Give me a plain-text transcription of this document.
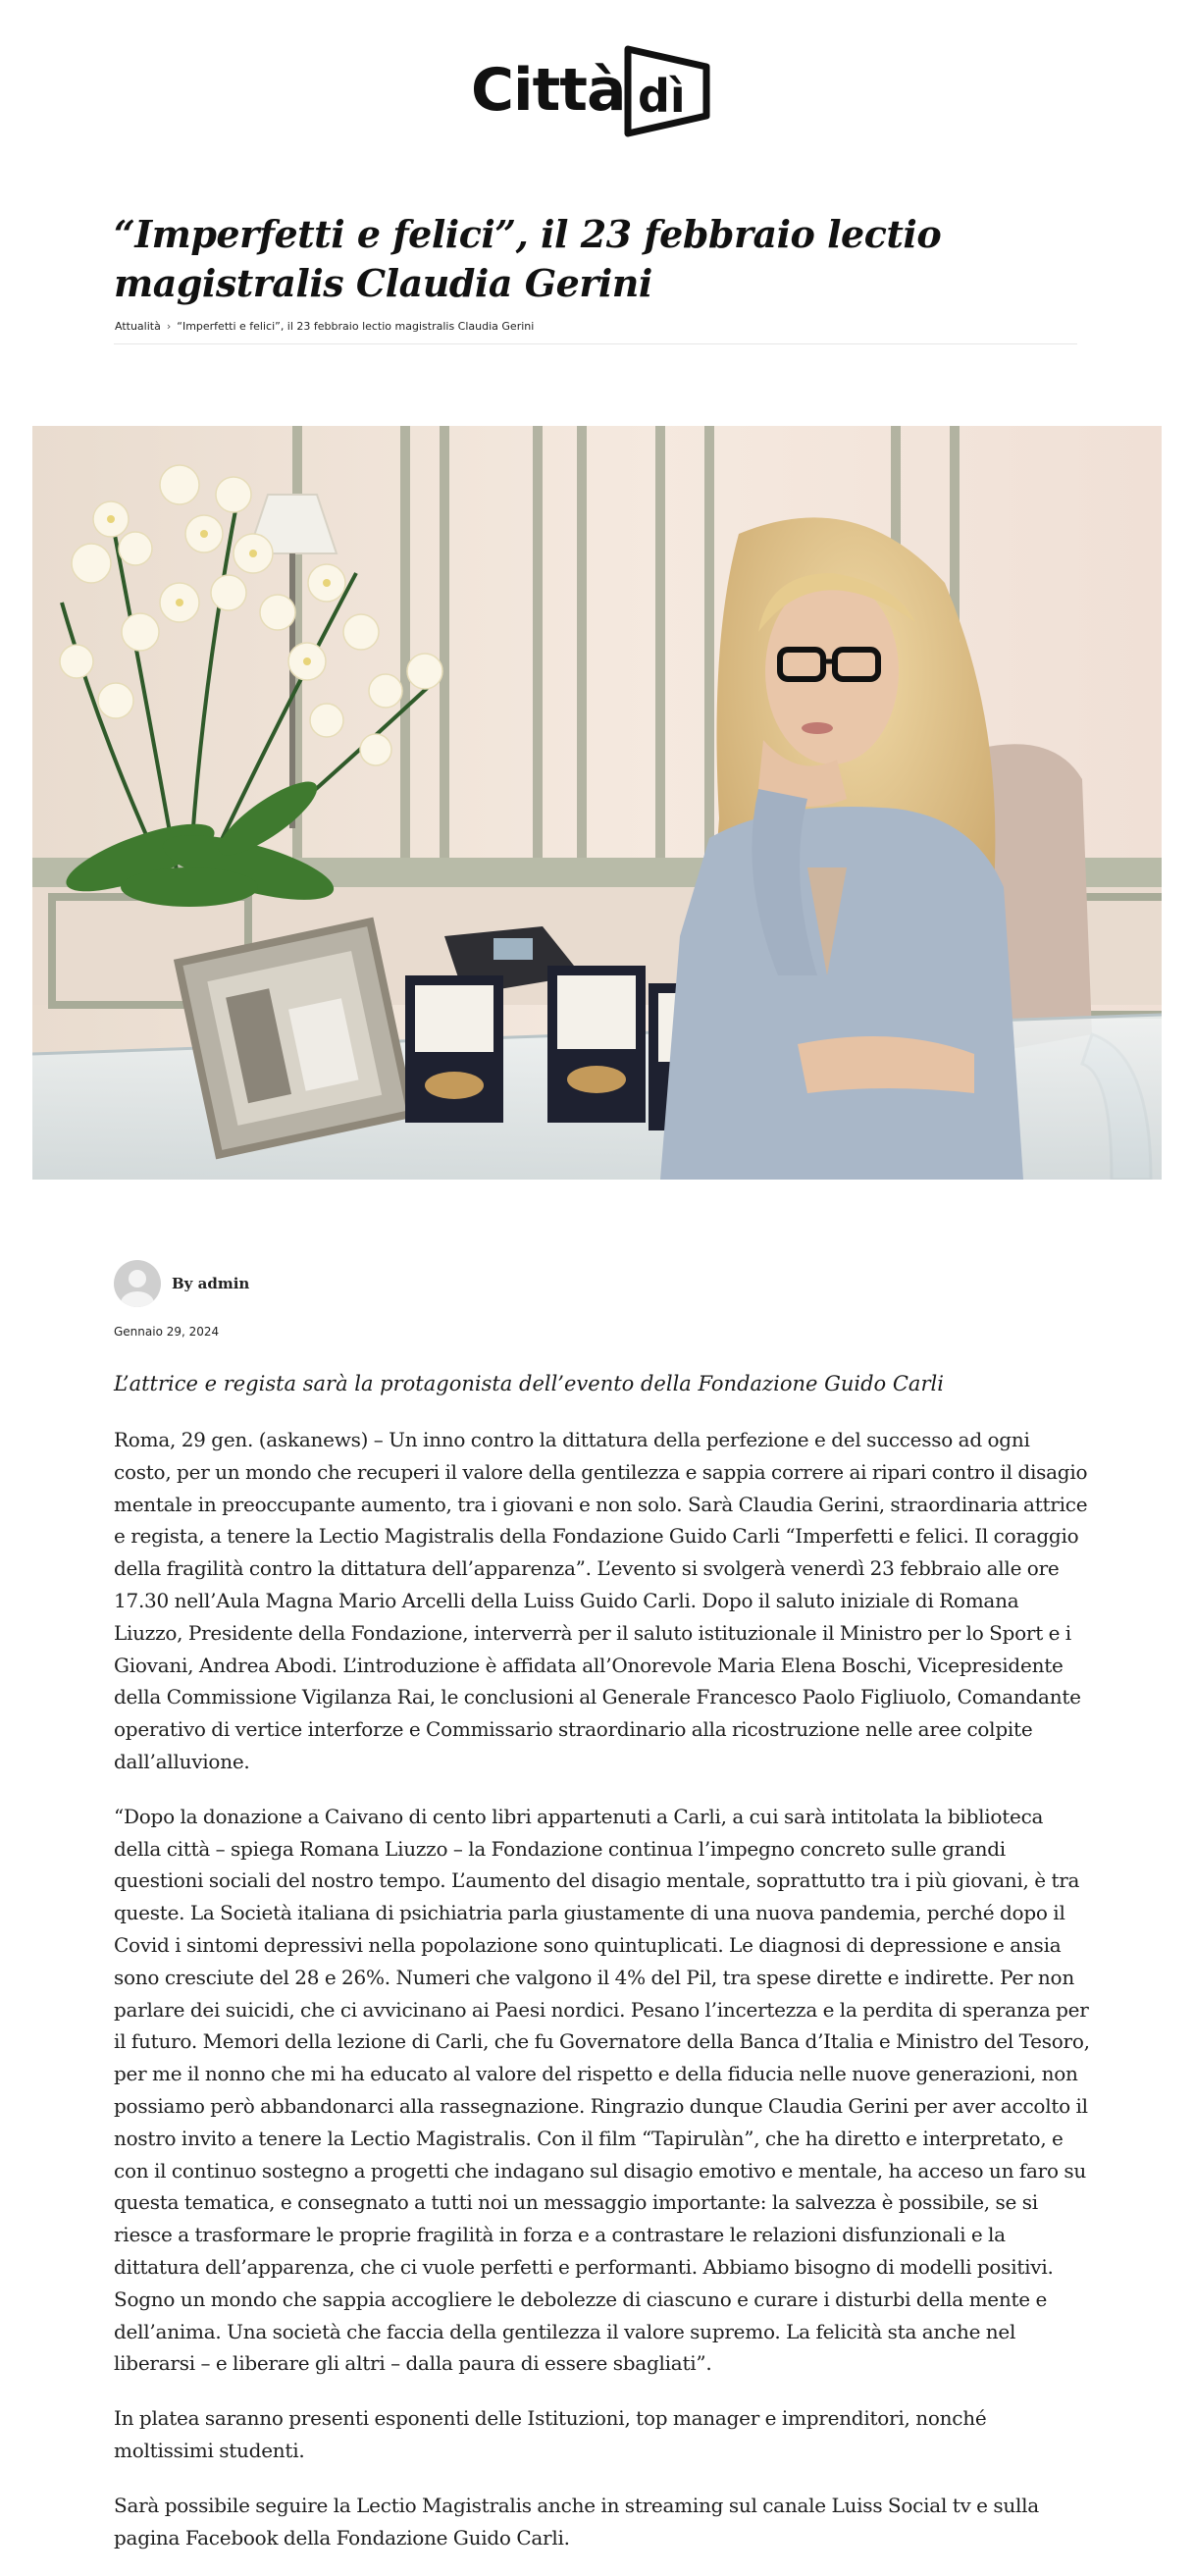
Città dì
“Imperfetti e felici”, il 23 febbraio lectio magistralis Claudia Gerini
Attualità › “Imperfetti e felici”, il 23 febbraio lectio magistralis Claudia Gerini
By admin
Gennaio 29, 2024

L’attrice e regista sarà la protagonista dell’evento della Fondazione Guido Carli

Roma, 29 gen. (askanews) – Un inno contro la dittatura della perfezione e del successo ad ogni costo, per un mondo che recuperi il valore della gentilezza e sappia correre ai ripari contro il disagio mentale in preoccupante aumento, tra i giovani e non solo. Sarà Claudia Gerini, straordinaria attrice e regista, a tenere la Lectio Magistralis della Fondazione Guido Carli “Imperfetti e felici. Il coraggio della fragilità contro la dittatura dell’apparenza”. L’evento si svolgerà venerdì 23 febbraio alle ore 17.30 nell’Aula Magna Mario Arcelli della Luiss Guido Carli. Dopo il saluto iniziale di Romana Liuzzo, Presidente della Fondazione, interverrà per il saluto istituzionale il Ministro per lo Sport e i Giovani, Andrea Abodi. L’introduzione è affidata all’Onorevole Maria Elena Boschi, Vicepresidente della Commissione Vigilanza Rai, le conclusioni al Generale Francesco Paolo Figliuolo, Comandante operativo di vertice interforze e Commissario straordinario alla ricostruzione nelle aree colpite dall’alluvione.

“Dopo la donazione a Caivano di cento libri appartenuti a Carli, a cui sarà intitolata la biblioteca della città – spiega Romana Liuzzo – la Fondazione continua l’impegno concreto sulle grandi questioni sociali del nostro tempo. L’aumento del disagio mentale, soprattutto tra i più giovani, è tra queste. La Società italiana di psichiatria parla giustamente di una nuova pandemia, perché dopo il Covid i sintomi depressivi nella popolazione sono quintuplicati. Le diagnosi di depressione e ansia sono cresciute del 28 e 26%. Numeri che valgono il 4% del Pil, tra spese dirette e indirette. Per non parlare dei suicidi, che ci avvicinano ai Paesi nordici. Pesano l’incertezza e la perdita di speranza per il futuro. Memori della lezione di Carli, che fu Governatore della Banca d’Italia e Ministro del Tesoro, per me il nonno che mi ha educato al valore del rispetto e della fiducia nelle nuove generazioni, non possiamo però abbandonarci alla rassegnazione. Ringrazio dunque Claudia Gerini per aver accolto il nostro invito a tenere la Lectio Magistralis. Con il film “Tapirulàn”, che ha diretto e interpretato, e con il continuo sostegno a progetti che indagano sul disagio emotivo e mentale, ha acceso un faro su questa tematica, e consegnato a tutti noi un messaggio importante: la salvezza è possibile, se si riesce a trasformare le proprie fragilità in forza e a contrastare le relazioni disfunzionali e la dittatura dell’apparenza, che ci vuole perfetti e performanti. Abbiamo bisogno di modelli positivi. Sogno un mondo che sappia accogliere le debolezze di ciascuno e curare i disturbi della mente e dell’anima. Una società che faccia della gentilezza il valore supremo. La felicità sta anche nel liberarsi – e liberare gli altri – dalla paura di essere sbagliati”.

In platea saranno presenti esponenti delle Istituzioni, top manager e imprenditori, nonché moltissimi studenti.

Sarà possibile seguire la Lectio Magistralis anche in streaming sul canale Luiss Social tv e sulla pagina Facebook della Fondazione Guido Carli.
